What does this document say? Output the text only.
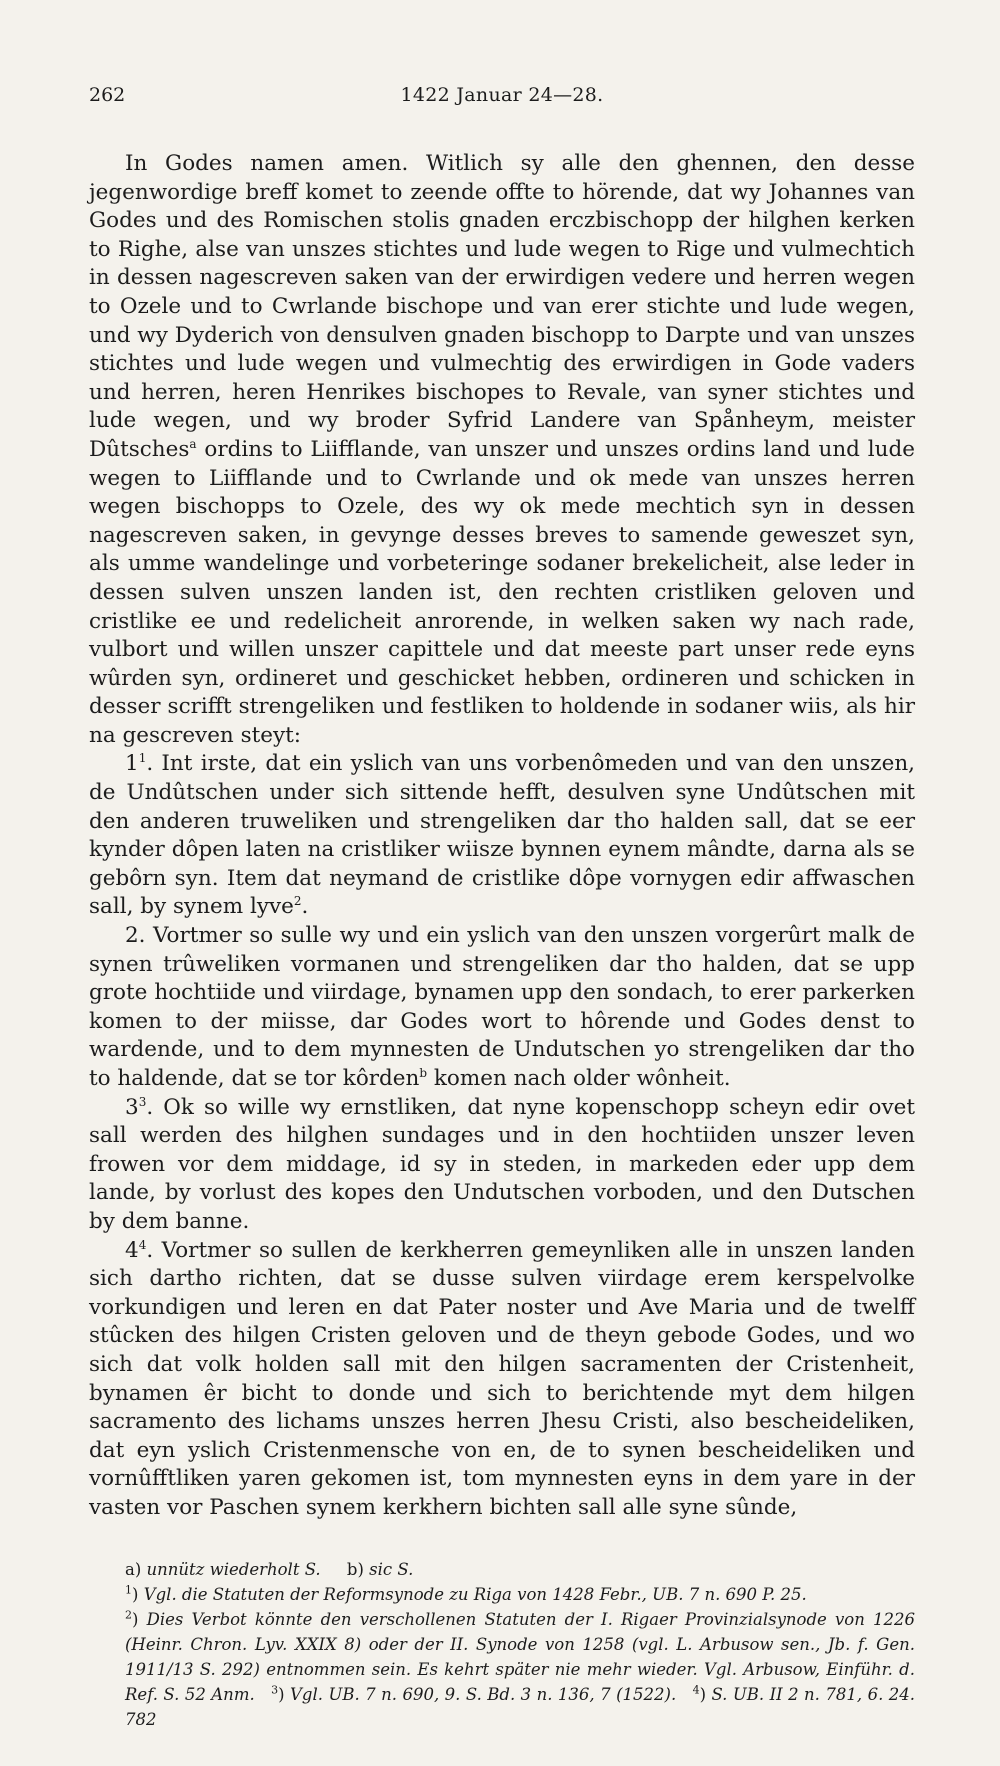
262	1422 Januar 24—28.

In Godes namen amen. Witlich sy alle den ghennen, den desse jegenwordige breff komet to zeende offte to hörende, dat wy Johannes van Godes und des Romischen stolis gnaden erczbischopp der hilghen kerken to Righe, alse van unszes stichtes und lude wegen to Rige und vulmechtich in dessen nagescreven saken van der erwirdigen vedere und herren wegen to Ozele und to Cwrlande bischope und van erer stichte und lude wegen, und wy Dyderich von densulven gnaden bischopp to Darpte und van unszes stichtes und lude wegen und vulmechtig des erwirdigen in Gode vaders und herren, heren Henrikes bischopes to Revale, van syner stichtes und lude wegen, und wy broder Syfrid Landere van Spånheym, meister Dûtsches$^a$ ordins to Liifflande, van unszer und unszes ordins land und lude wegen to Liifflande und to Cwrlande und ok mede van unszes herren wegen bischopps to Ozele, des wy ok mede mechtich syn in dessen nagescreven saken, in gevynge desses breves to samende geweszet syn, als umme wandelinge und vorbeteringe sodaner brekelicheit, alse leder in dessen sulven unszen landen ist, den rechten cristliken geloven und cristlike ee und redelicheit anrorende, in welken saken wy nach rade, vulbort und willen unszer capittele und dat meeste part unser rede eyns wûrden syn, ordineret und geschicket hebben, ordineren und schicken in desser scrifft strengeliken und festliken to holdende in sodaner wiis, als hir na gescreven steyt:

$1^1$. Int irste, dat ein yslich van uns vorbenômeden und van den unszen, de Undûtschen under sich sittende hefft, desulven syne Undûtschen mit den anderen truweliken und strengeliken dar tho halden sall, dat se eer kynder dôpen laten na cristliker wiisze bynnen eynem mândte, darna als se gebôrn syn. Item dat neymand de cristlike dôpe vornygen edir affwaschen sall, by synem lyve$^2$.

2. Vortmer so sulle wy und ein yslich van den unszen vorgerûrt malk de synen trûweliken vormanen und strengeliken dar tho halden, dat se upp grote hochtiide und viirdage, bynamen upp den sondach, to erer parkerken komen to der miisse, dar Godes wort to hôrende und Godes denst to wardende, und to dem mynnesten de Undutschen yo strengeliken dar tho to haldende, dat se tor kôrden$^b$ komen nach older wônheit.

$3^3$. Ok so wille wy ernstliken, dat nyne kopenschopp scheyn edir ovet sall werden des hilghen sundages und in den hochtiiden unszer leven frowen vor dem middage, id sy in steden, in markeden eder upp dem lande, by vorlust des kopes den Undutschen vorboden, und den Dutschen by dem banne.

$4^4$. Vortmer so sullen de kerkherren gemeynliken alle in unszen landen sich dartho richten, dat se dusse sulven viirdage erem kerspelvolke vorkundigen und leren en dat Pater noster und Ave Maria und de twelff stûcken des hilgen Cristen geloven und de theyn gebode Godes, und wo sich dat volk holden sall mit den hilgen sacramenten der Cristenheit, bynamen êr bicht to donde und sich to berichtende myt dem hilgen sacramento des lichams unszes herren Jhesu Cristi, also bescheideliken, dat eyn yslich Cristenmensche von en, de to synen bescheideliken und vornûfftliken yaren gekomen ist, tom mynnesten eyns in dem yare in der vasten vor Paschen synem kerkhern bichten sall alle syne sûnde,

a) unnütz wiederholt S. b) sic S.

$^1$) Vgl. die Statuten der Reformsynode zu Riga von 1428 Febr., UB. 7 n. 690 P. 25.

$^2$) Dies Verbot könnte den verschollenen Statuten der I. Rigaer Provinzialsynode von 1226 (Heinr. Chron. Lyv. XXIX 8) oder der II. Synode von 1258 (vgl. L. Arbusow sen., Jb. f. Gen. 1911/13 S. 292) entnommen sein. Es kehrt später nie mehr wieder. Vgl. Arbusow, Einführ. d. Ref. S. 52 Anm. $^3$) Vgl. UB. 7 n. 690, 9. S. Bd. 3 n. 136, 7 (1522). $^4$) S. UB. II 2 n. 781, 6. 24. 782
